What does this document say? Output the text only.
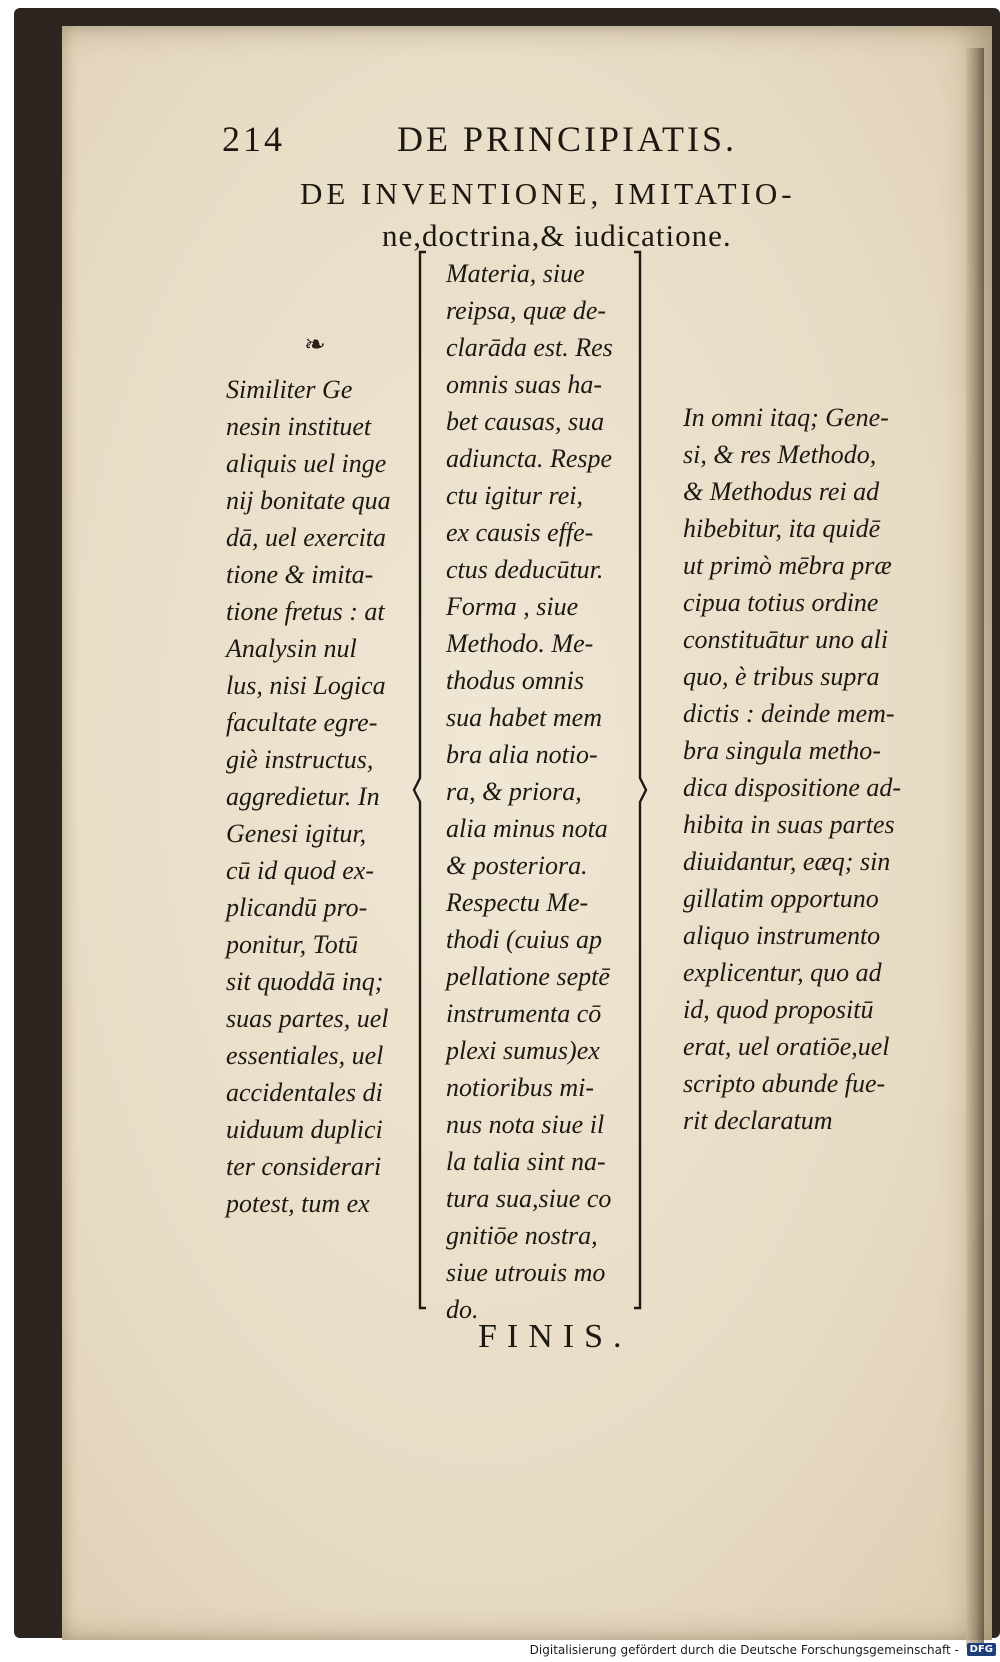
214	DE PRINCIPIATIS.
DE INVENTIONE, IMITATIO-
ne,doctrina,& iudicatione.
❧
Similiter Ge
nesin instituet
aliquis uel inge
nij bonitate qua
dā, uel exercita
tione & imita-
tione fretus : at
Analysin nul
lus, nisi Logica
facultate egre-
giè instructus,
aggredietur. In
Genesi igitur,
cū id quod ex-
plicandū pro-
ponitur, Totū
sit quoddā inq;
suas partes, uel
essentiales, uel
accidentales di
uiduum duplici
ter considerari
potest, tum ex
Materia, siue
reipsa, quæ de-
clarāda est. Res
omnis suas ha-
bet causas, sua
adiuncta. Respe
ctu igitur rei,
ex causis effe-
ctus deducūtur.
Forma , siue
Methodo. Me-
thodus omnis
sua habet mem
bra alia notio-
ra, & priora,
alia minus nota
& posteriora.
Respectu Me-
thodi (cuius ap
pellatione septē
instrumenta cō
plexi sumus)ex
notioribus mi-
nus nota siue il
la talia sint na-
tura sua,siue co
gnitiōe nostra,
siue utrouis mo
do.
In omni itaq; Gene-
si, & res Methodo,
& Methodus rei ad
hibebitur, ita quidē
ut primò mēbra præ
cipua totius ordine
constituātur uno ali
quo, è tribus supra
dictis : deinde mem-
bra singula metho-
dica dispositione ad-
hibita in suas partes
diuidantur, eæq; sin
gillatim opportuno
aliquo instrumento
explicentur, quo ad
id, quod propositū
erat, uel oratiōe,uel
scripto abunde fue-
rit declaratum
FINIS.
Digitalisierung gefördert durch die Deutsche Forschungsgemeinschaft - DFG
